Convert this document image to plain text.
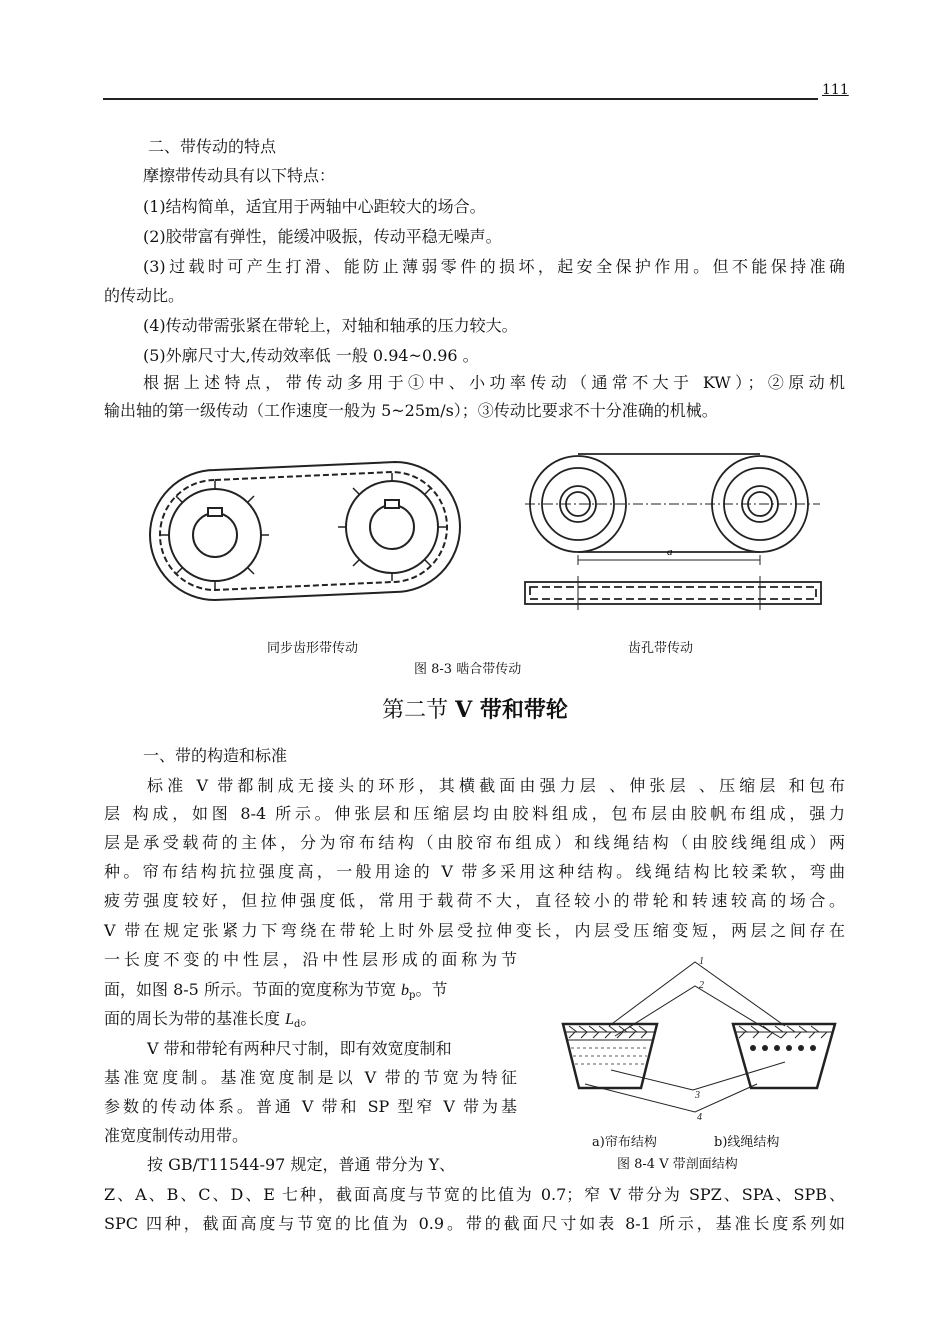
111
二、带传动的特点
摩擦带传动具有以下特点：
(1)结构简单，适宜用于两轴中心距较大的场合。
(2)胶带富有弹性，能缓冲吸振，传动平稳无噪声。
(3)过载时可产生打滑、能防止薄弱零件的损坏，起安全保护作用。但不能保持准确
的传动比。
(4)传动带需张紧在带轮上，对轴和轴承的压力较大。
(5)外廓尺寸大,传动效率低 一般 0.94~0.96 。
根据上述特点，带传动多用于①中、小功率传动（通常不大于 KW）；②原动机
输出轴的第一级传动（工作速度一般为 5~25m/s）；③传动比要求不十分准确的机械。
a
同步齿形带传动	齿孔带传动
图 8-3 啮合带传动
第二节 V 带和带轮
一、带的构造和标准
标准 V 带都制成无接头的环形，其横截面由强力层 、伸张层 、压缩层 和包布
层 构成，如图 8-4 所示。伸张层和压缩层均由胶料组成，包布层由胶帆布组成，强力
层是承受载荷的主体，分为帘布结构（由胶帘布组成）和线绳结构（由胶线绳组成）两
种。帘布结构抗拉强度高，一般用途的 V 带多采用这种结构。线绳结构比较柔软，弯曲
疲劳强度较好，但拉伸强度低，常用于载荷不大，直径较小的带轮和转速较高的场合。
V 带在规定张紧力下弯绕在带轮上时外层受拉伸变长，内层受压缩变短，两层之间存在
一长度不变的中性层，沿中性层形成的面称为节
面，如图 8-5 所示。节面的宽度称为节宽 $b_p$。节
面的周长为带的基准长度 $L_d$。
V 带和带轮有两种尺寸制，即有效宽度制和
基准宽度制。基准宽度制是以 V 带的节宽为特征
参数的传动体系。普通 V 带和 SP 型窄 V 带为基
准宽度制传动用带。
按 GB/T11544-97 规定，普通 带分为 Y、
Z、A、B、C、D、E 七种，截面高度与节宽的比值为 0.7；窄 V 带分为 SPZ、SPA、SPB、
SPC 四种，截面高度与节宽的比值为 0.9。带的截面尺寸如表 8-1 所示，基准长度系列如
1
2
3
4
a)帘布结构	b)线绳结构
图 8-4 V 带剖面结构
